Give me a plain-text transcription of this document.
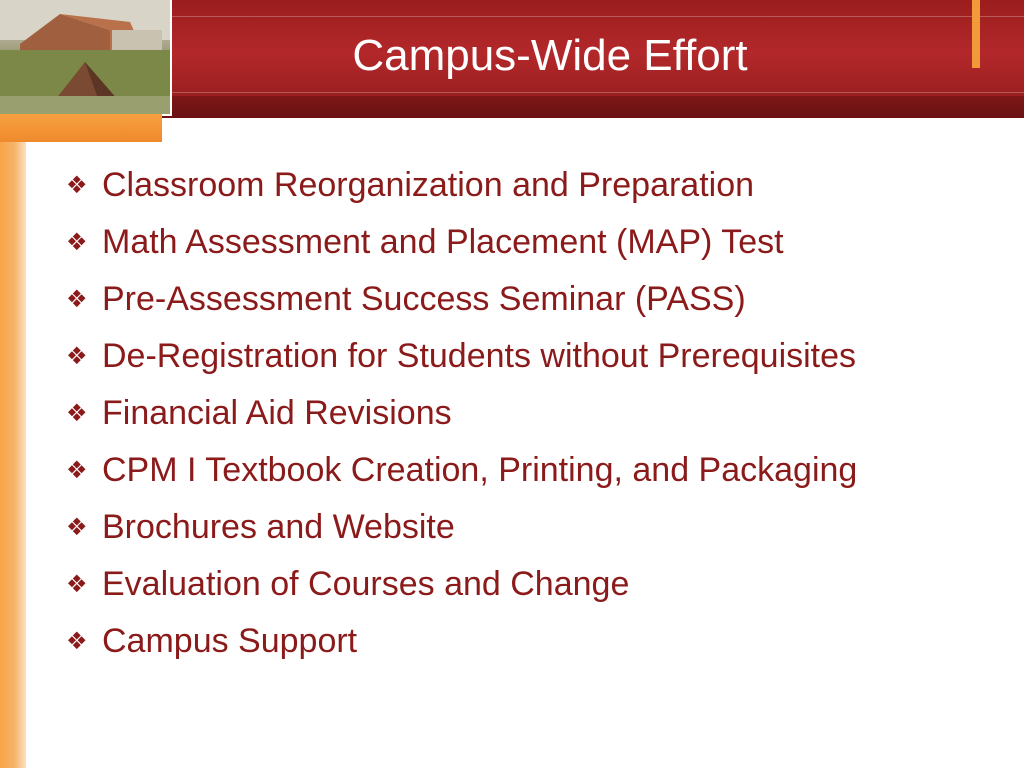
Campus-Wide Effort
❖ Classroom Reorganization and Preparation
❖ Math Assessment and Placement (MAP) Test
❖ Pre-Assessment Success Seminar (PASS)
❖ De-Registration for Students without Prerequisites
❖ Financial Aid Revisions
❖ CPM I Textbook Creation, Printing, and Packaging
❖ Brochures and Website
❖ Evaluation of Courses and Change
❖ Campus Support
